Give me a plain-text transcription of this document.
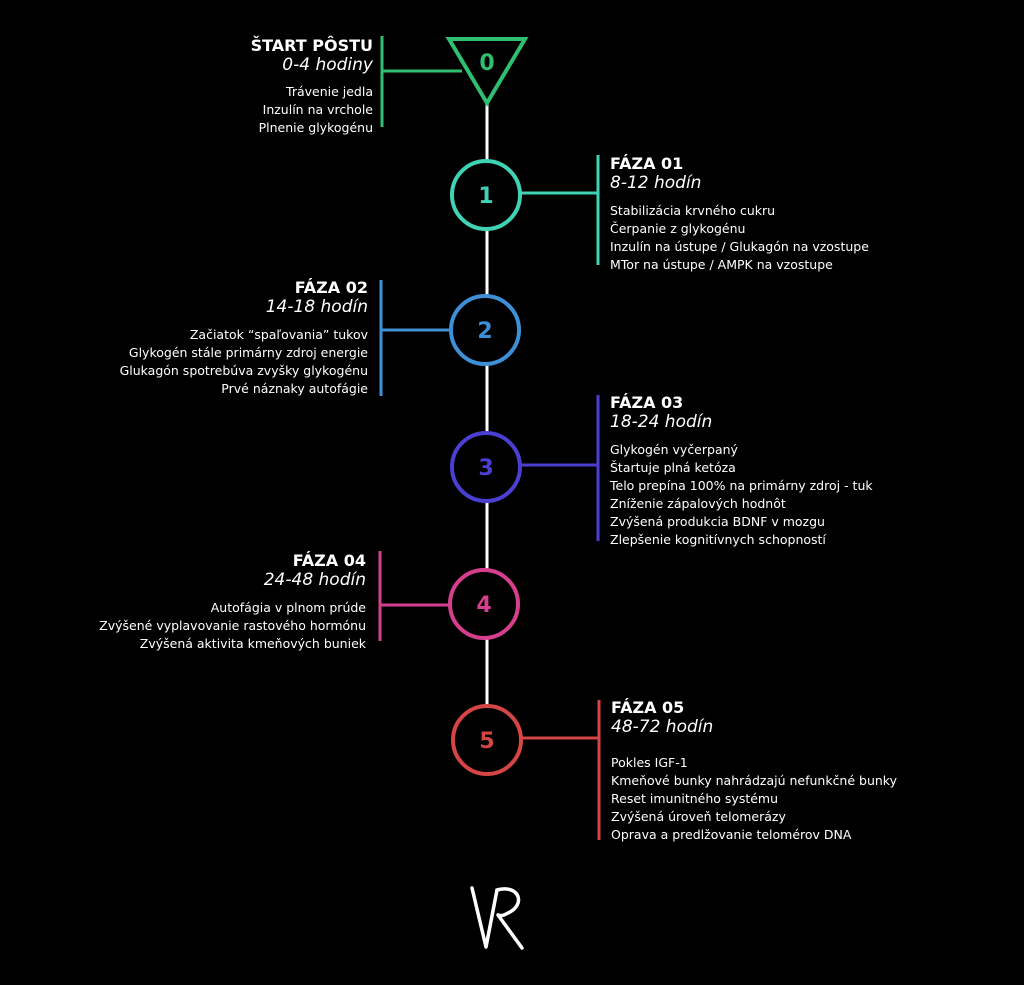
0
1
2
3
4
5
ŠTART PÔSTU
0-4 hodiny
Trávenie jedla
Inzulín na vrchole
Plnenie glykogénu
FÁZA 01
8-12 hodín
Stabilizácia krvného cukru
Čerpanie z glykogénu
Inzulín na ústupe / Glukagón na vzostupe
MTor na ústupe / AMPK na vzostupe
FÁZA 02
14-18 hodín
Začiatok “spaľovania” tukov
Glykogén stále primárny zdroj energie
Glukagón spotrebúva zvyšky glykogénu
Prvé náznaky autofágie
FÁZA 03
18-24 hodín
Glykogén vyčerpaný
Štartuje plná ketóza
Telo prepína 100% na primárny zdroj - tuk
Zníženie zápalových hodnôt
Zvýšená produkcia BDNF v mozgu
Zlepšenie kognitívnych schopností
FÁZA 04
24-48 hodín
Autofágia v plnom prúde
Zvýšené vyplavovanie rastového hormónu
Zvýšená aktivita kmeňových buniek
FÁZA 05
48-72 hodín
Pokles IGF-1
Kmeňové bunky nahrádzajú nefunkčné bunky
Reset imunitného systému
Zvýšená úroveň telomerázy
Oprava a predlžovanie telomérov DNA
